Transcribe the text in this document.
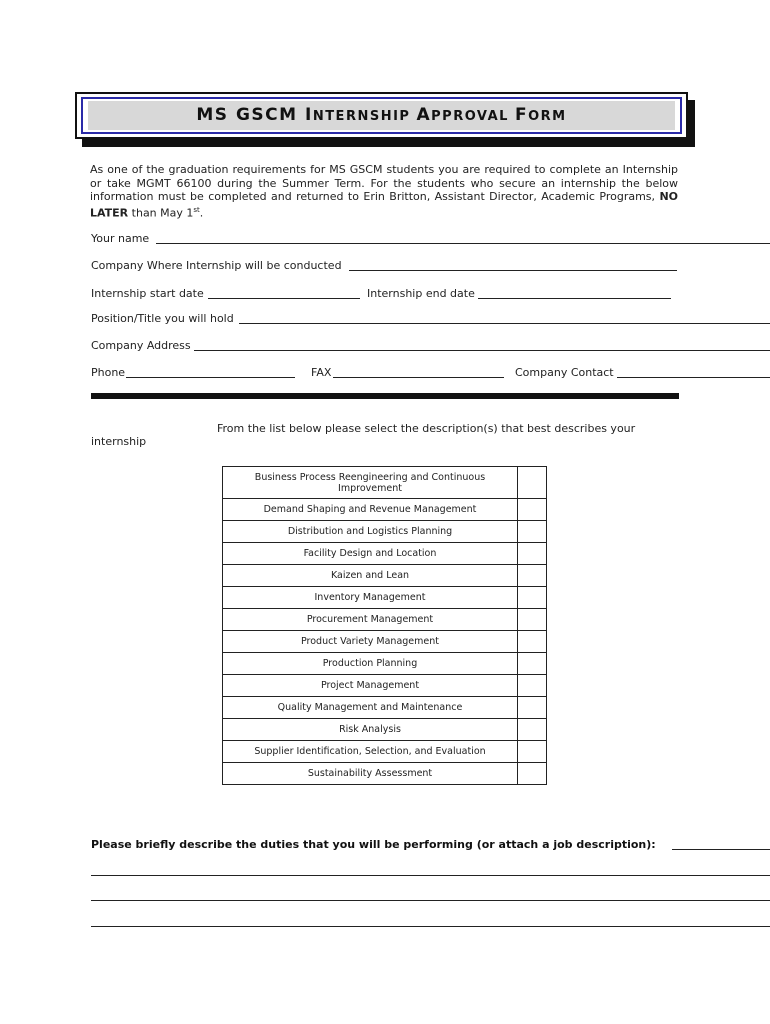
MS GSCM INTERNSHIP APPROVAL FORM
As one of the graduation requirements for MS GSCM students you are required to complete an Internship or take MGMT 66100 during the Summer Term. For the students who secure an internship the below information must be completed and returned to Erin Britton, Assistant Director, Academic Programs, NO LATER than May 1st.
Your name
Company Where Internship will be conducted
Internship start date	Internship end date
Position/Title you will hold
Company Address
Phone	FAX	Company Contact
From the list below please select the description(s) that best describes your
internship
Business Process Reengineering and Continuous Improvement	
Demand Shaping and Revenue Management	
Distribution and Logistics Planning	
Facility Design and Location	
Kaizen and Lean	
Inventory Management	
Procurement Management	
Product Variety Management	
Production Planning	
Project Management	
Quality Management and Maintenance	
Risk Analysis	
Supplier Identification, Selection, and Evaluation	
Sustainability Assessment	
Please briefly describe the duties that you will be performing (or attach a job description):
